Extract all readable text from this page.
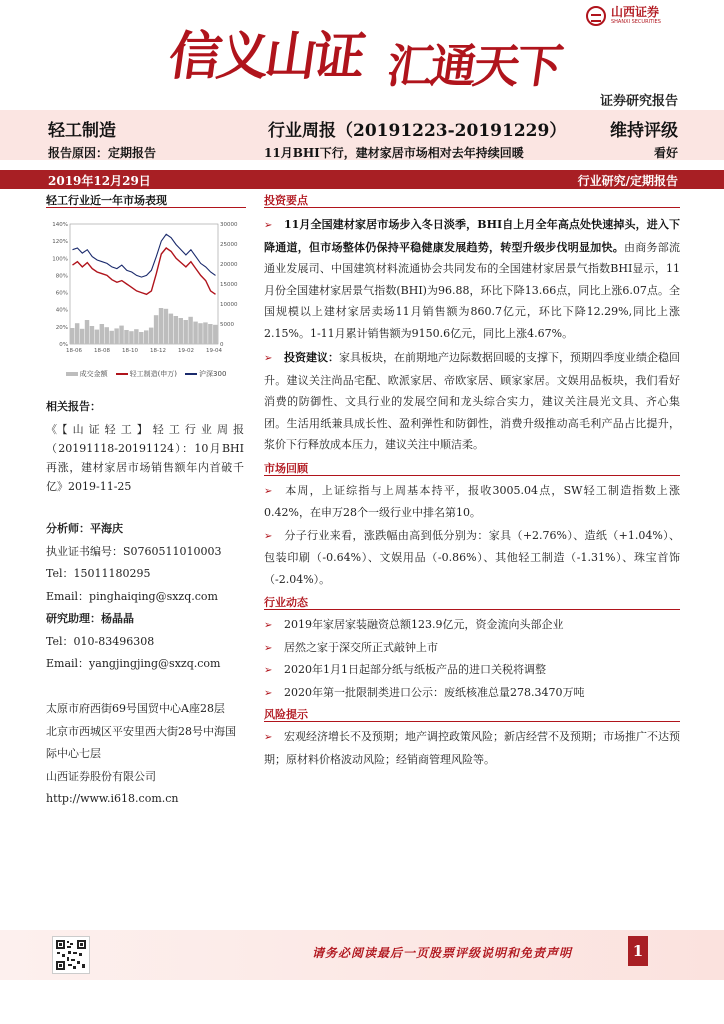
信义山证 汇通天下
山西证券
SHANXI SECURITIES
证券研究报告
轻工制造
报告原因：定期报告
行业周报（20191223-20191229）
11月BHI下行，建材家居市场相对去年持续回暖
维持评级
看好
2019年12月29日	行业研究/定期报告
轻工行业近一年市场表现
0%
20%
40%
60%
80%
100%
120%
140%
0
5000
10000
15000
20000
25000
30000
18-06 18-08 18-10 18-12 19-02 19-04
成交金额	轻工制造(申万)	沪深300
相关报告：
《【山证轻工】轻工行业周报（20191118-20191124）：10月BHI再涨，建材家居市场销售额年内首破千亿》2019-11-25
分析师：平海庆
执业证书编号：S0760511010003
Tel：15011180295
Email：pinghaiqing@sxzq.com
研究助理：杨晶晶
Tel：010-83496308
Email：yangjingjing@sxzq.com
太原市府西街69号国贸中心A座28层
北京市西城区平安里西大街28号中海国际中心七层
山西证券股份有限公司
http://www.i618.com.cn
投资要点
➢ 11月全国建材家居市场步入冬日淡季，BHI自上月全年高点处快速掉头，进入下降通道，但市场整体仍保持平稳健康发展趋势，转型升级步伐明显加快。由商务部流通业发展司、中国建筑材料流通协会共同发布的全国建材家居景气指数BHI显示，11月份全国建材家居景气指数(BHI)为96.88，环比下降13.66点，同比上涨6.07点。全国规模以上建材家居卖场11月销售额为860.7亿元，环比下降12.29%,同比上涨2.15%。1-11月累计销售额为9150.6亿元，同比上涨4.67%。
➢ 投资建议：家具板块，在前期地产边际数据回暖的支撑下，预期四季度业绩企稳回升。建议关注尚品宅配、欧派家居、帝欧家居、顾家家居。文娱用品板块，我们看好消费的防御性、文具行业的发展空间和龙头综合实力，建议关注晨光文具、齐心集团。生活用纸兼具成长性、盈利弹性和防御性，消费升级推动高毛利产品占比提升，浆价下行释放成本压力，建议关注中顺洁柔。
市场回顾
➢ 本周，上证综指与上周基本持平，报收3005.04点，SW轻工制造指数上涨0.42%，在申万28个一级行业中排名第10。
➢ 分子行业来看，涨跌幅由高到低分别为：家具（+2.76%）、造纸（+1.04%）、包装印刷（-0.64%）、文娱用品（-0.86%）、其他轻工制造（-1.31%）、珠宝首饰（-2.04%）。
行业动态
➢ 2019年家居家装融资总额123.9亿元，资金流向头部企业
➢ 居然之家于深交所正式敲钟上市
➢ 2020年1月1日起部分纸与纸板产品的进口关税将调整
➢ 2020年第一批限制类进口公示：废纸核准总量278.3470万吨
风险提示
➢ 宏观经济增长不及预期；地产调控政策风险；新店经营不及预期；市场推广不达预期；原材料价格波动风险；经销商管理风险等。
请务必阅读最后一页股票评级说明和免责声明	1
